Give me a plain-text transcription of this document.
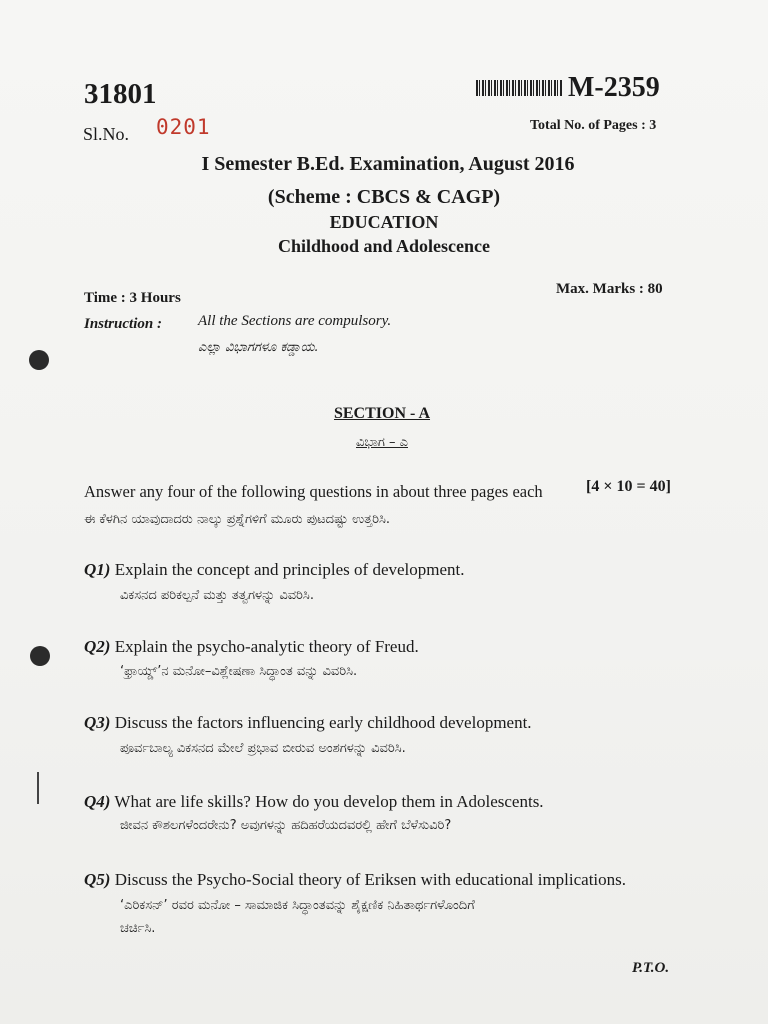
31801
Sl.No. 0201
M-2359
Total No. of Pages : 3
I Semester B.Ed. Examination, August 2016
(Scheme : CBCS & CAGP)
EDUCATION
Childhood and Adolescence
Time : 3 Hours
Max. Marks : 80
Instruction : All the Sections are compulsory.
ಎಲ್ಲಾ ವಿಭಾಗಗಳೂ ಕಡ್ಡಾಯ.
SECTION - A
ವಿಭಾಗ – ಎ
Answer any four of the following questions in about three pages each	[4 × 10 = 40]
ಈ ಕೆಳಗಿನ ಯಾವುದಾದರು ನಾಲ್ಕು ಪ್ರಶ್ನೆಗಳಿಗೆ ಮೂರು ಪುಟದಷ್ಟು ಉತ್ತರಿಸಿ.
Q1) Explain the concept and principles of development.
ವಿಕಸನದ ಪರಿಕಲ್ಪನೆ ಮತ್ತು ತತ್ವಗಳನ್ನು ವಿವರಿಸಿ.
Q2) Explain the psycho-analytic theory of Freud.
‘ಫ್ರಾಯ್ಡ್’ನ ಮನೋ–ವಿಶ್ಲೇಷಣಾ ಸಿದ್ಧಾಂತ ವನ್ನು ವಿವರಿಸಿ.
Q3) Discuss the factors influencing early childhood development.
ಪೂರ್ವಬಾಲ್ಯ ವಿಕಸನದ ಮೇಲೆ ಪ್ರಭಾವ ಬೀರುವ ಅಂಶಗಳನ್ನು ವಿವರಿಸಿ.
Q4) What are life skills? How do you develop them in Adolescents.
ಜೀವನ ಕೌಶಲಗಳೆಂದರೇನು? ಅವುಗಳನ್ನು ಹದಿಹರೆಯದವರಲ್ಲಿ ಹೇಗೆ ಬೆಳೆಸುವಿರಿ?
Q5) Discuss the Psycho-Social theory of Eriksen with educational implications.
‘ಎರಿಕಸನ್’ ರವರ ಮನೋ – ಸಾಮಾಜಿಕ ಸಿದ್ಧಾಂತವನ್ನು ಶೈಕ್ಷಣಿಕ ನಿಹಿತಾರ್ಥಗಳೊಂದಿಗೆ
ಚರ್ಚಿಸಿ.
P.T.O.
